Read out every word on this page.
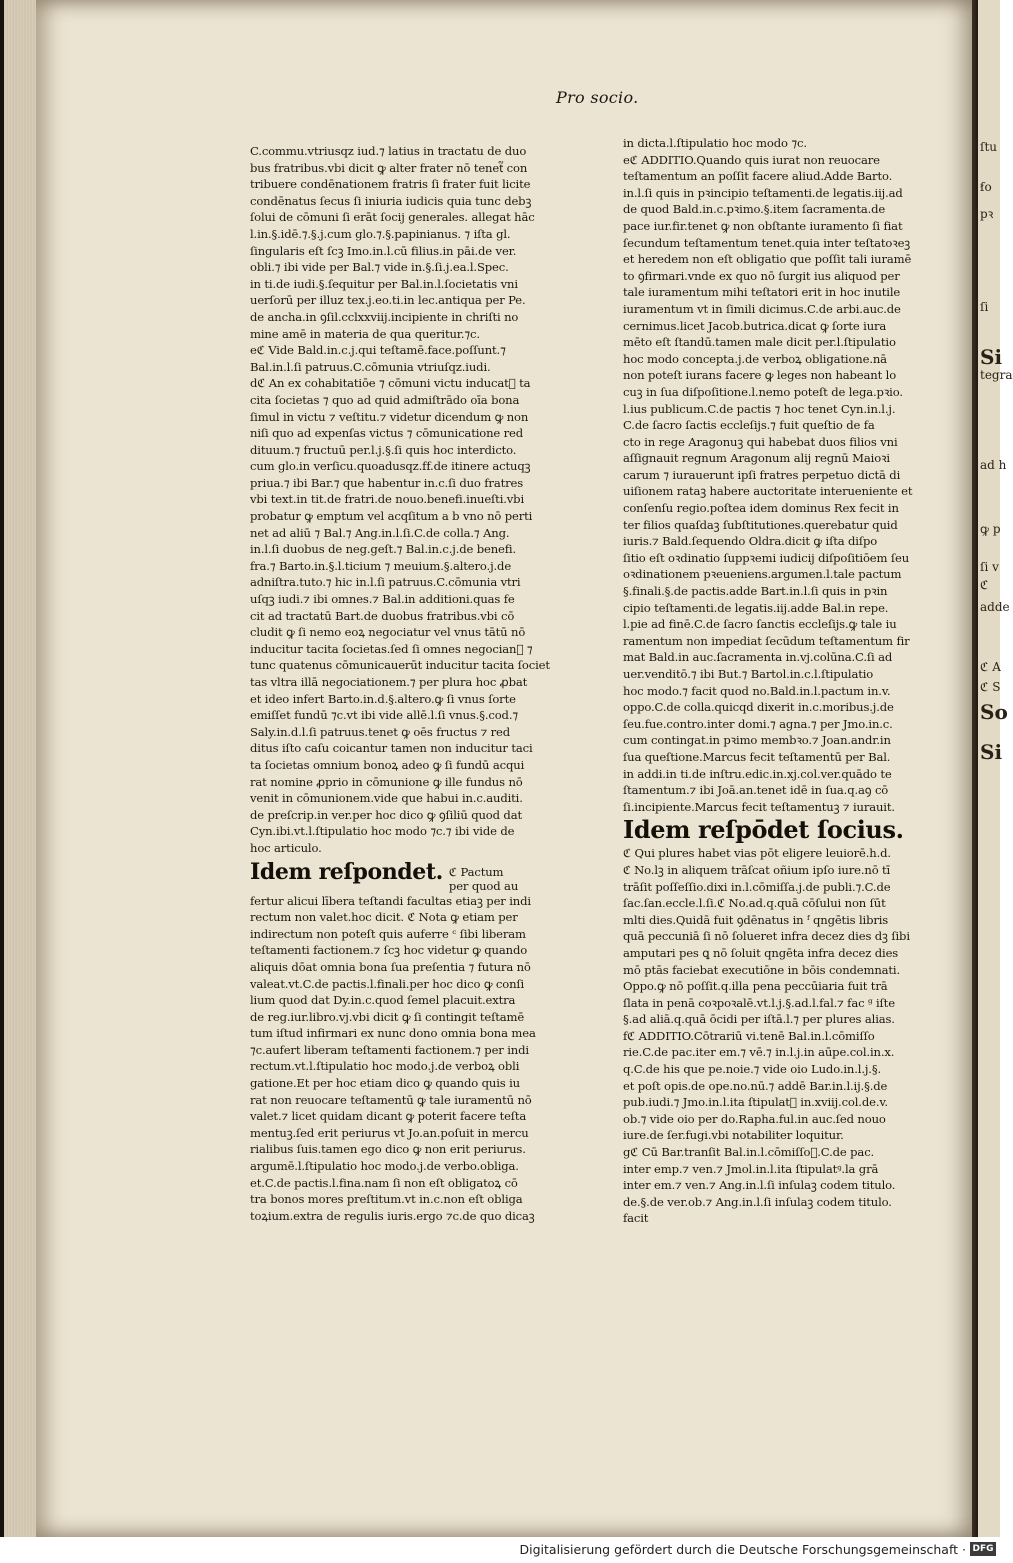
ſtu
ẜo
pꝛ
ſi
Si
tegra
ad h
ꝙ p
ſi v
ℭ
adde
ℭ A
ℭ S
So
Si
Pro socio.

C.commu.vtriusqz iud.⁊ latius in tractatu de duo

bus fratribus.vbi dicit ꝙ alter frater nō tenet᷑ con

tribuere condēnationem fratris ſi frater fuit licite

condēnatus ſecus ſi iniuria iudicis quia tunc debꝫ

ſolui de cōmuni ſi erāt ſocij generales. allegat hāc

l.in.§.idē.⁊.§.j.cum glo.⁊.§.papinianus. ⁊ iſta gl.

ſingularis eſt ſcꝫ Imo.in.l.cū filius.in pāi.de ver.

obli.⁊ ibi vide per Bal.⁊ vide in.§.ſi.j.ea.l.Spec.

in ti.de iudi.§.ſequitur per Bal.in.l.ſocietatis vni

uerſorū per illuz tex.j.eo.ti.in lec.antiqua per Pe.

de ancha.in ꝯſil.cclxxviij.incipiente in chriſti no

mine amē in materia de qua queritur.⁊c.

eℭ Vide Bald.in.c.j.qui teſtamē.face.poſſunt.⁊

Bal.in.l.ſi patruus.C.cōmunia vtriuſqz.iudi.

dℭ An ex cohabitatiōe ⁊ cōmuni victu inducat᷑ ta

cita ſocietas ⁊ quo ad quid admiſtrādo oīa bona

ſimul in victu ⁊ veſtitu.⁊ videtur dicendum ꝙ non

niſi quo ad expenſas victus ⁊ cōmunicatione red

dituum.⁊ fructuū per.l.j.§.ſi quis hoc interdicto.

cum glo.in verſicu.quoadusqz.ff.de itinere actuqꝫ

priua.⁊ ibi Bar.⁊ que habentur in.c.ſi duo fratres

vbi text.in tit.de fratri.de nouo.benefi.inueſti.vbi

probatur ꝙ emptum vel acqſitum a b vno nō perti

net ad aliū ⁊ Bal.⁊ Ang.in.l.ſi.C.de colla.⁊ Ang.

in.l.ſi duobus de neg.geſt.⁊ Bal.in.c.j.de benefi.

fra.⁊ Barto.in.§.l.ticium ⁊ meuium.§.altero.j.de

adniſtra.tuto.⁊ hic in.l.ſi patruus.C.cōmunia vtri

uſqꝫ iudi.⁊ ibi omnes.⁊ Bal.in additioni.quas fe

cit ad tractatū Bart.de duobus fratribus.vbi cō

cludit ꝙ ſi nemo eoꝝ negociatur vel vnus tātū nō

inducitur tacita ſocietas.ſed ſi omnes negocian᷑ ⁊

tunc quatenus cōmunicauerūt inducitur tacita ſociet

tas vltra illā negociationem.⁊ per plura hoc ꝓbat

et ideo infert Barto.in.d.§.altero.ꝙ ſi vnus ſorte

emiſſet fundū ⁊c.vt ibi vide allē.l.ſi vnus.§.cod.⁊

Saly.in.d.l.ſi patruus.tenet ꝙ oēs fructus ⁊ red

ditus iſto caſu coicantur tamen non inducitur taci

ta ſocietas omnium bonoꝝ adeo ꝙ ſi fundū acqui

rat nomine ꝓprio in cōmunione ꝙ ille fundus nō

venit in cōmunionem.vide que habui in.c.auditi.

de preſcrip.in ver.per hoc dico ꝙ ꝯſiliū quod dat

Cyn.ibi.vt.l.ſtipulatio hoc modo ⁊c.⁊ ibi vide de

hoc articulo.

Idem reſpondet. ℭ Pactum
per quod au

fertur alicui lībera teſtandi facultas etiaꝫ per indi

rectum non valet.hoc dicit. ℭ Nota ꝙ etiam per

indirectum non poteſt quis auferre ᶜ ſibi liberam

teſtamenti factionem.⁊ ſcꝫ hoc videtur ꝙ quando

aliquis dōat omnia bona ſua preſentia ⁊ futura nō

valeat.vt.C.de pactis.l.finali.per hoc dico ꝙ conſi

lium quod dat Dy.in.c.quod ſemel placuit.extra

de reg.iur.libro.vj.vbi dicit ꝙ ſi contingit teſtamē

tum iſtud infirmari ex nunc dono omnia bona mea

⁊c.aufert liberam teſtamenti factionem.⁊ per indi

rectum.vt.l.ſtipulatio hoc modo.j.de verboꝝ obli

gatione.Et per hoc etiam dico ꝙ quando quis iu

rat non reuocare teſtamentū ꝙ tale iuramentū nō

valet.⁊ licet quidam dicant ꝙ poterit facere teſta

mentuꝫ.ſed erit periurus vt Jo.an.poſuit in mercu

rialibus ſuis.tamen ego dico ꝙ non erit periurus.

argumē.l.ſtipulatio hoc modo.j.de verbo.obliga.

et.C.de pactis.l.fina.nam ſi non eſt obligatoꝝ cō

tra bonos mores preſtitum.vt in.c.non eſt obliga

toꝝium.extra de regulis iuris.ergo ⁊c.de quo dicaꝫ

in dicta.l.ſtipulatio hoc modo ⁊c.

eℭ ADDITIO.Quando quis iurat non reuocare

teſtamentum an poſſit facere aliud.Adde Barto.

in.l.ſi quis in pꝛincipio teſtamenti.de legatis.iij.ad

de quod Bald.in.c.pꝛimo.§.item ſacramenta.de

pace iur.fir.tenet ꝙ non obſtante iuramento ſi fiat

ſecundum teſtamentum tenet.quia inter teſtatoꝛeꝫ

et heredem non eſt obligatio que poſſit tali iuramē

to ꝯfirmari.vnde ex quo nō ſurgit ius aliquod per

tale iuramentum mihi teſtatori erit in hoc inutile

iuramentum vt in ſimili dicimus.C.de arbi.auc.de

cernimus.licet Jacob.butrica.dicat ꝙ ſorte iura

mēto eſt ſtandū.tamen male dicit per.l.ſtipulatio

hoc modo concepta.j.de verboꝝ obligatione.nā

non poteſt iurans facere ꝙ leges non habeant lo

cuꝫ in ſua diſpoſitione.l.nemo poteſt de lega.pꝛio.

l.ius publicum.C.de pactis ⁊ hoc tenet Cyn.in.l.j.

C.de ſacro ſactis eccleſijs.⁊ fuit queſtio de fa

cto in rege Aragonuꝫ qui habebat duos filios vni

aſſignauit regnum Aragonum alij regnū Maioꝛi

carum ⁊ iurauerunt ipſi fratres perpetuo dictā di

uiſionem rataꝫ habere auctoritate interueniente et

conſenſu regio.poſtea idem dominus Rex fecit in

ter filios quaſdaꝫ ſubſtitutiones.querebatur quid

iuris.⁊ Bald.ſequendo Oldra.dicit ꝙ iſta diſpo

ſitio eſt oꝛdinatio ſuppꝛemi iudicij diſpoſitiōem ſeu

oꝛdinationem pꝛeueniens.argumen.l.tale pactum

§.finali.§.de pactis.adde Bart.in.l.ſi quis in pꝛin

cipio teſtamenti.de legatis.iij.adde Bal.in repe.

l.pie ad finē.C.de ſacro ſanctis eccleſijs.ꝙ tale iu

ramentum non impediat ſecūdum teſtamentum fir

mat Bald.in auc.ſacramenta in.vj.colūna.C.ſi ad

uer.venditō.⁊ ibi But.⁊ Bartol.in.c.l.ſtipulatio

hoc modo.⁊ facit quod no.Bald.in.l.pactum in.v.

oppo.C.de colla.quicqd dixerit in.c.moribus.j.de

ſeu.fue.contro.inter domi.⁊ agna.⁊ per Jmo.in.c.

cum contingat.in pꝛimo membꝛo.⁊ Joan.andr.in

ſua queſtione.Marcus fecit teſtamentū per Bal.

in addi.in ti.de inſtru.edic.in.xj.col.ver.quādo te

ſtamentum.⁊ ibi Joā.an.tenet idē in ſua.q.aꝯ cō

ſi.incipiente.Marcus fecit teſtamentuꝫ ⁊ iurauit.

Idem reſpōdet ſocius.

ℭ Qui plures habet vias pōt eligere leuiorē.h.d.

ℭ No.lꝫ in aliquem trāſcat oñium ipſo iure.nō tī

trāſit poſſeſſio.dixi in.l.cōmiſſa.j.de publi.⁊.C.de

ſac.ſan.eccle.l.ſi.ℭ No.ad.q.quā cōſului non ſūt

mlti dies.Quidā fuit ꝯdēnatus in ᶠ qngētis libris

quā peccuniā ſi nō ſolueret infra decez dies dꝫ ſibi

amputari pes ꝗ nō ſoluit qngēta infra decez dies

mō ptās faciebat executiōne in bōis condemnati.

Oppo.ꝙ nō poſſit.q.illa pena peccūiaria fuit trā

ſlata in penā coꝛpoꝛalē.vt.l.j.§.ad.l.fal.⁊ fac ᵍ iſte

§.ad aliā.q.quā ōcidi per iſtā.l.⁊ per plures alias.

fℭ ADDITIO.Cōtrariū vi.tenē Bal.in.l.cōmiſſo

rie.C.de pac.iter em.⁊ vē.⁊ in.l.j.in aūpe.col.in.x.

q.C.de his que pe.noie.⁊ vide oio Ludo.in.l.j.§.

et poſt opis.de ope.no.nū.⁊ addē Bar.in.l.ij.§.de

pub.iudi.⁊ Jmo.in.l.ita ſtipulat᷑ in.xviij.col.de.v.

ob.⁊ vide oio per do.Rapha.ful.in auc.ſed nouo

iure.de ſer.fugi.vbi notabiliter loquitur.

gℭ Cū Bar.tranſit Bal.in.l.cōmiſſo᷑.C.de pac.

inter emp.⁊ ven.⁊ Jmol.in.l.ita ſtipulatꝰ.la grā

inter em.⁊ ven.⁊ Ang.in.l.ſi inſulaꝫ codem titulo.

de.§.de ver.ob.⁊ Ang.in.l.ſi inſulaꝫ codem titulo.

facit

Digitalisierung gefördert durch die Deutsche Forschungsgemeinschaft · DFG
